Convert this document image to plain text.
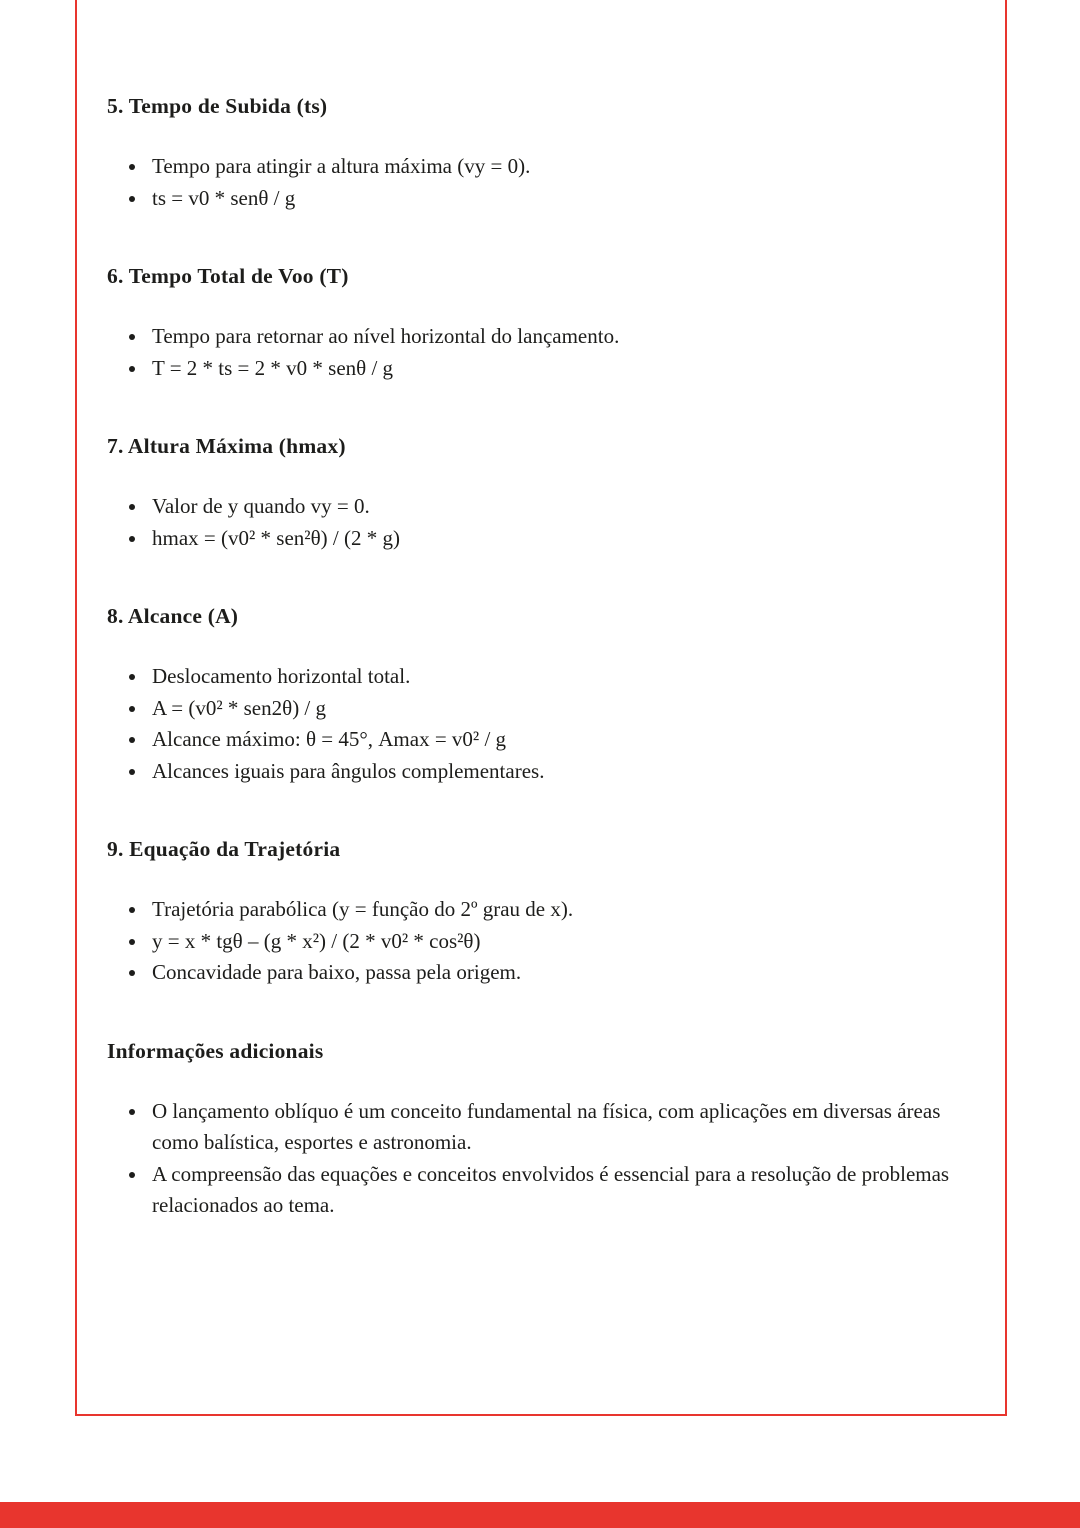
5. Tempo de Subida (ts)
• Tempo para atingir a altura máxima (vy = 0).
• ts = v0 * senθ / g
6. Tempo Total de Voo (T)
• Tempo para retornar ao nível horizontal do lançamento.
• T = 2 * ts = 2 * v0 * senθ / g
7. Altura Máxima (hmax)
• Valor de y quando vy = 0.
• hmax = (v0² * sen²θ) / (2 * g)
8. Alcance (A)
• Deslocamento horizontal total.
• A = (v0² * sen2θ) / g
• Alcance máximo: θ = 45°, Amax = v0² / g
• Alcances iguais para ângulos complementares.
9. Equação da Trajetória
• Trajetória parabólica (y = função do 2º grau de x).
• y = x * tgθ – (g * x²) / (2 * v0² * cos²θ)
• Concavidade para baixo, passa pela origem.
Informações adicionais
• O lançamento oblíquo é um conceito fundamental na física, com aplicações em diversas áreas como balística, esportes e astronomia.
• A compreensão das equações e conceitos envolvidos é essencial para a resolução de problemas relacionados ao tema.
